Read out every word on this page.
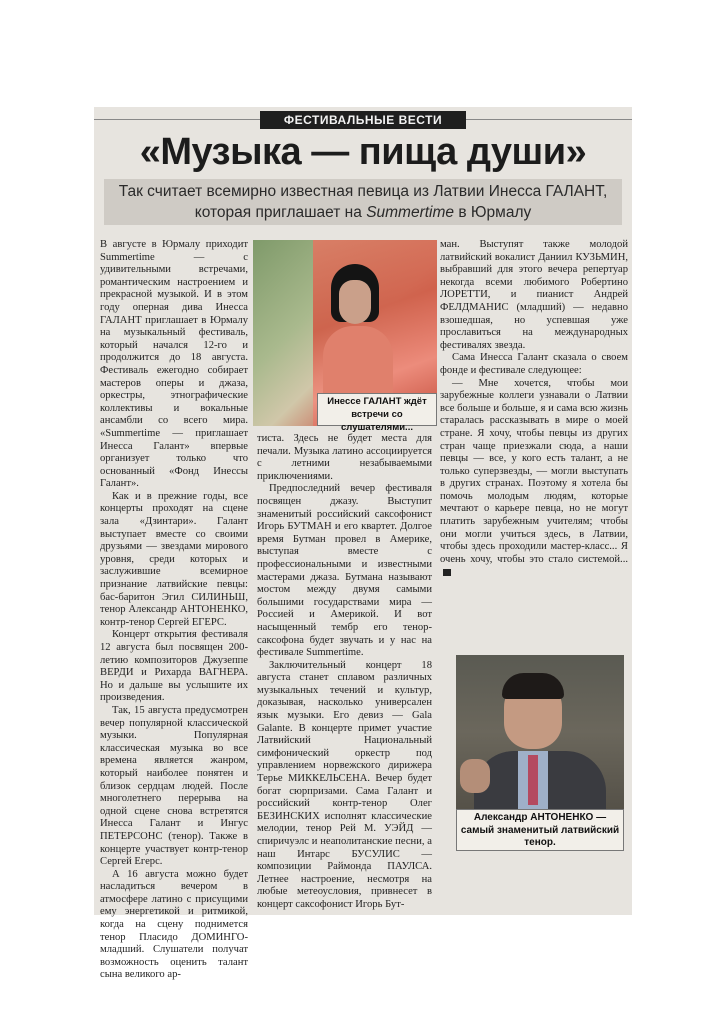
ФЕСТИВАЛЬНЫЕ ВЕСТИ
«Музыка — пища души»
Так считает всемирно известная певица из Латвии Инесса ГАЛАНТ,
которая приглашает на Summertime в Юрмалу

В августе в Юрмалу приходит Summertime — с удивительными встречами, романтическим настроением и прекрасной музыкой. И в этом году оперная дива Инесса ГАЛАНТ приглашает в Юрмалу на музыкальный фестиваль, который начался 12-го и продолжится до 18 августа. Фестиваль ежегодно собирает мастеров оперы и джаза, оркестры, этнографические коллективы и вокальные ансамбли со всего мира. «Summertime — приглашает Инесса Галант» впервые организует только что основанный «Фонд Инессы Галант».

Как и в прежние годы, все концерты проходят на сцене зала «Дзинтари». Галант выступает вместе со своими друзьями — звездами мирового уровня, среди которых и заслужившие всемирное признание латвийские певцы: бас-баритон Эгил СИЛИНЬШ, тенор Александр АНТОНЕНКО, контр-тенор Сергей ЕГЕРС.

Концерт открытия фестиваля 12 августа был посвящен 200-летию композиторов Джузеппе ВЕРДИ и Рихарда ВАГНЕРА. Но и дальше вы услышите их произведения.

Так, 15 августа предусмотрен вечер популярной классической музыки. Популярная классическая музыка во все времена является жанром, который наиболее понятен и близок сердцам людей. После многолетнего перерыва на одной сцене снова встретятся Инесса Галант и Ингус ПЕТЕРСОНС (тенор). Также в концерте участвует контр-тенор Сергей Егерс.

А 16 августа можно будет насладиться вечером в атмосфере латино с присущими ему энергетикой и ритмикой, когда на сцену поднимется тенор Пласидо ДОМИНГО-младший. Слушатели получат возможность оценить талант сына великого ар-

Инессе ГАЛАНТ ждёт встречи со слушателями...

тиста. Здесь не будет места для печали. Музыка латино ассоциируется с летними незабываемыми приключениями.

Предпоследний вечер фестиваля посвящен джазу. Выступит знаменитый российский саксофонист Игорь БУТМАН и его квартет. Долгое время Бутман провел в Америке, выступая вместе с профессиональными и известными мастерами джаза. Бутмана называют мостом между двумя самыми большими государствами мира — Россией и Америкой. И вот насыщенный тембр его тенор-саксофона будет звучать и у нас на фестивале Summertime.

Заключительный концерт 18 августа станет сплавом различных музыкальных течений и культур, доказывая, насколько универсален язык музыки. Его девиз — Gala Galante. В концерте примет участие Латвийский Национальный симфонический оркестр под управлением норвежского дирижера Терье МИККЕЛЬСЕНА. Вечер будет богат сюрпризами. Сама Галант и российский контр-тенор Олег БЕЗИНСКИХ исполнят классические мелодии, тенор Рей М. УЭЙД — спиричуэлс и неаполитанские песни, а наш Интарс БУСУЛИС — композиции Раймонда ПАУЛСА. Летнее настроение, несмотря на любые метеоусловия, привнесет в концерт саксофонист Игорь Бут-

ман. Выступят также молодой латвийский вокалист Даниил КУЗЬМИН, выбравший для этого вечера репертуар некогда всеми любимого Робертино ЛОРЕТТИ, и пианист Андрей ФЕЛДМАНИС (младший) — недавно взошедшая, но успевшая уже прославиться на международных фестивалях звезда.

Сама Инесса Галант сказала о своем фонде и фестивале следующее:

— Мне хочется, чтобы мои зарубежные коллеги узнавали о Латвии все больше и больше, я и сама всю жизнь старалась рассказывать в мире о моей стране. Я хочу, чтобы певцы из других стран чаще приезжали сюда, а наши певцы — все, у кого есть талант, а не только суперзвезды, — могли выступать в других странах. Поэтому я хотела бы помочь молодым людям, которые мечтают о карьере певца, но не могут платить зарубежным учителям; чтобы они могли учиться здесь, в Латвии, чтобы здесь проходили мастер-класс... Я очень хочу, чтобы это стало системой...

Александр АНТОНЕНКО — самый знаменитый латвийский тенор.
